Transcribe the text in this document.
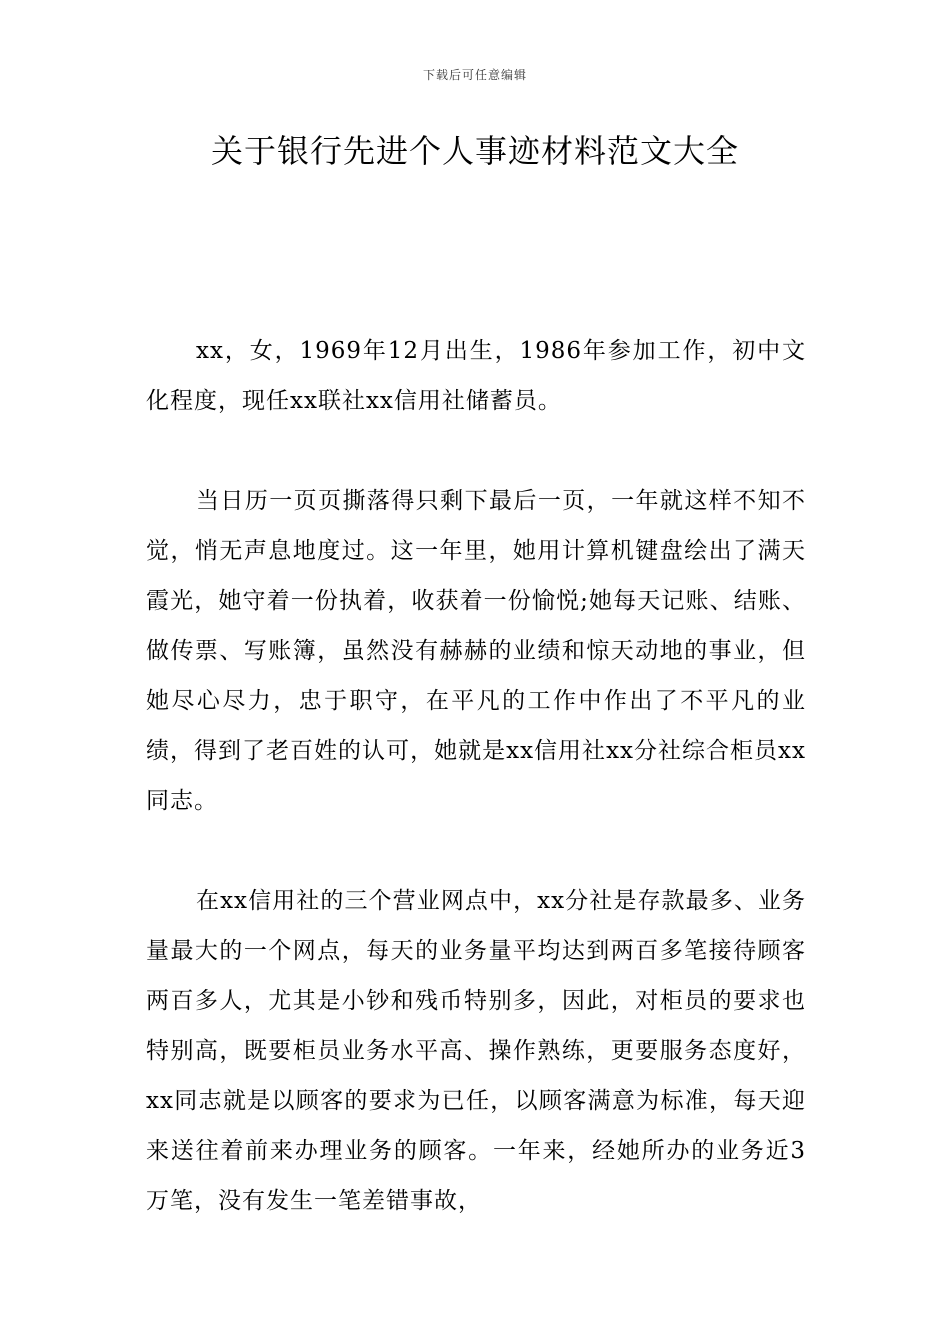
下载后可任意编辑
关于银行先进个人事迹材料范文大全

xx，女，1969年12月出生，1986年参加工作，初中文化程度，现任xx联社xx信用社储蓄员。

当日历一页页撕落得只剩下最后一页，一年就这样不知不觉，悄无声息地度过。这一年里，她用计算机键盘绘出了满天霞光，她守着一份执着，收获着一份愉悦;她每天记账、结账、做传票、写账簿，虽然没有赫赫的业绩和惊天动地的事业，但她尽心尽力，忠于职守，在平凡的工作中作出了不平凡的业绩，得到了老百姓的认可，她就是xx信用社xx分社综合柜员xx同志。

在xx信用社的三个营业网点中，xx分社是存款最多、业务量最大的一个网点，每天的业务量平均达到两百多笔接待顾客两百多人，尤其是小钞和残币特别多，因此，对柜员的要求也特别高，既要柜员业务水平高、操作熟练，更要服务态度好，xx同志就是以顾客的要求为已任，以顾客满意为标准，每天迎来送往着前来办理业务的顾客。一年来，经她所办的业务近3万笔，没有发生一笔差错事故，
